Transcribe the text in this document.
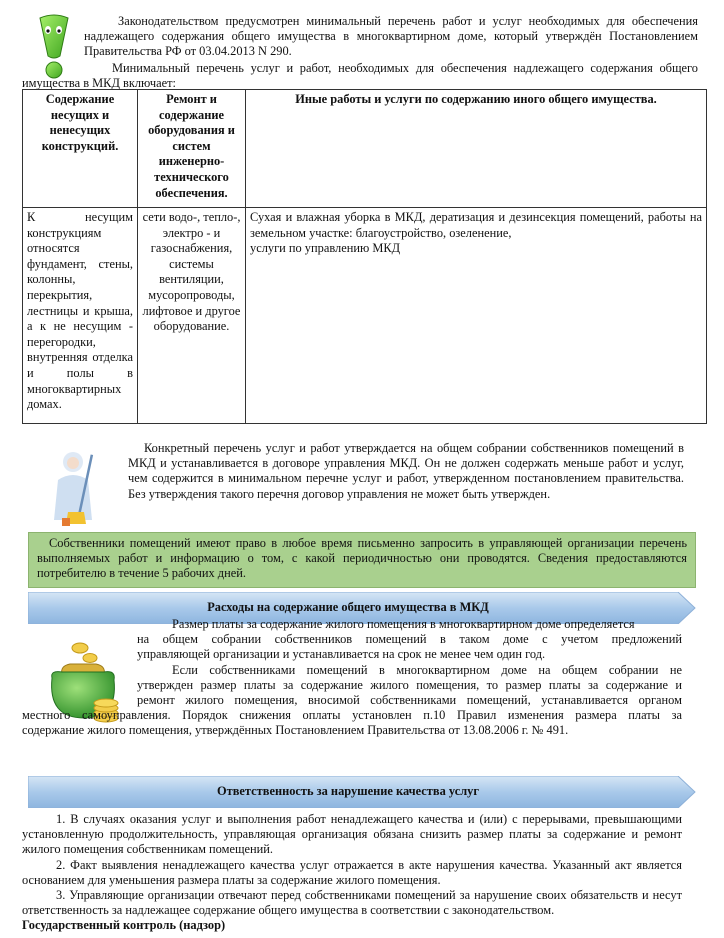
Законодательством предусмотрен минимальный перечень работ и услуг необходимых для обеспечения надлежащего содержания общего имущества в многоквартирном доме, который утверждён Постановлением Правительства РФ от 03.04.2013 N 290.

Минимальный перечень услуг и работ, необходимых для обеспечения надлежащего содержания общего имущества в МКД включает:

Содержание несущих и ненесущих конструкций.	Ремонт и содержание оборудования и систем инженерно-технического обеспечения.	Иные работы и услуги по содержанию иного общего имущества.
К несущим конструкциям относятся фундамент, стены, колонны, перекрытия, лестницы и крыша, а к не несущим - перегородки, внутренняя отделка и полы в многоквартирных домах.	сети водо-, тепло-, электро - и газоснабжения, системы вентиляции, мусоропроводы, лифтовое и другое оборудование.	Сухая и влажная уборка в МКД, дератизация и дезинсекция помещений, работы на земельном участке: благоустройство, озеленение,
услуги по управлению МКД

Конкретный перечень услуг и работ утверждается на общем собрании собственников помещений в МКД и устанавливается в договоре управления МКД. Он не должен содержать меньше работ и услуг, чем содержится в минимальном перечне услуг и работ, утвержденном постановлением правительства. Без утверждения такого перечня договор управления не может быть утвержден.

Собственники помещений имеют право в любое время письменно запросить в управляющей организации перечень выполняемых работ и информацию о том, с какой периодичностью они проводятся. Сведения предоставляются потребителю в течение 5 рабочих дней.

Расходы на содержание общего имущества в МКД
Размер платы за содержание жилого помещения в многоквартирном доме определяется
на общем собрании собственников помещений в таком доме с учетом предложений
управляющей организации и устанавливается на срок не менее чем один год.
Если собственниками помещений в многоквартирном доме на общем собрании не
утвержден размер платы за содержание жилого помещения, то размер платы за содержание и
ремонт жилого помещения, вносимой собственниками помещений, устанавливается органом
местного самоуправления. Порядок снижения оплаты установлен п.10 Правил изменения размера платы за
содержание жилого помещения, утверждённых Постановлением Правительства от 13.08.2006 г. № 491.
Ответственность за нарушение качества услуг

1. В случаях оказания услуг и выполнения работ ненадлежащего качества и (или) с перерывами, превышающими установленную продолжительность, управляющая организация обязана снизить размер платы за содержание и ремонт жилого помещения собственникам помещений.

2. Факт выявления ненадлежащего качества услуг отражается в акте нарушения качества. Указанный акт является основанием для уменьшения размера платы за содержание жилого помещения.

3. Управляющие организации отвечают перед собственниками помещений за нарушение своих обязательств и несут ответственность за надлежащее содержание общего имущества в соответствии с законодательством.

Государственный контроль (надзор)
